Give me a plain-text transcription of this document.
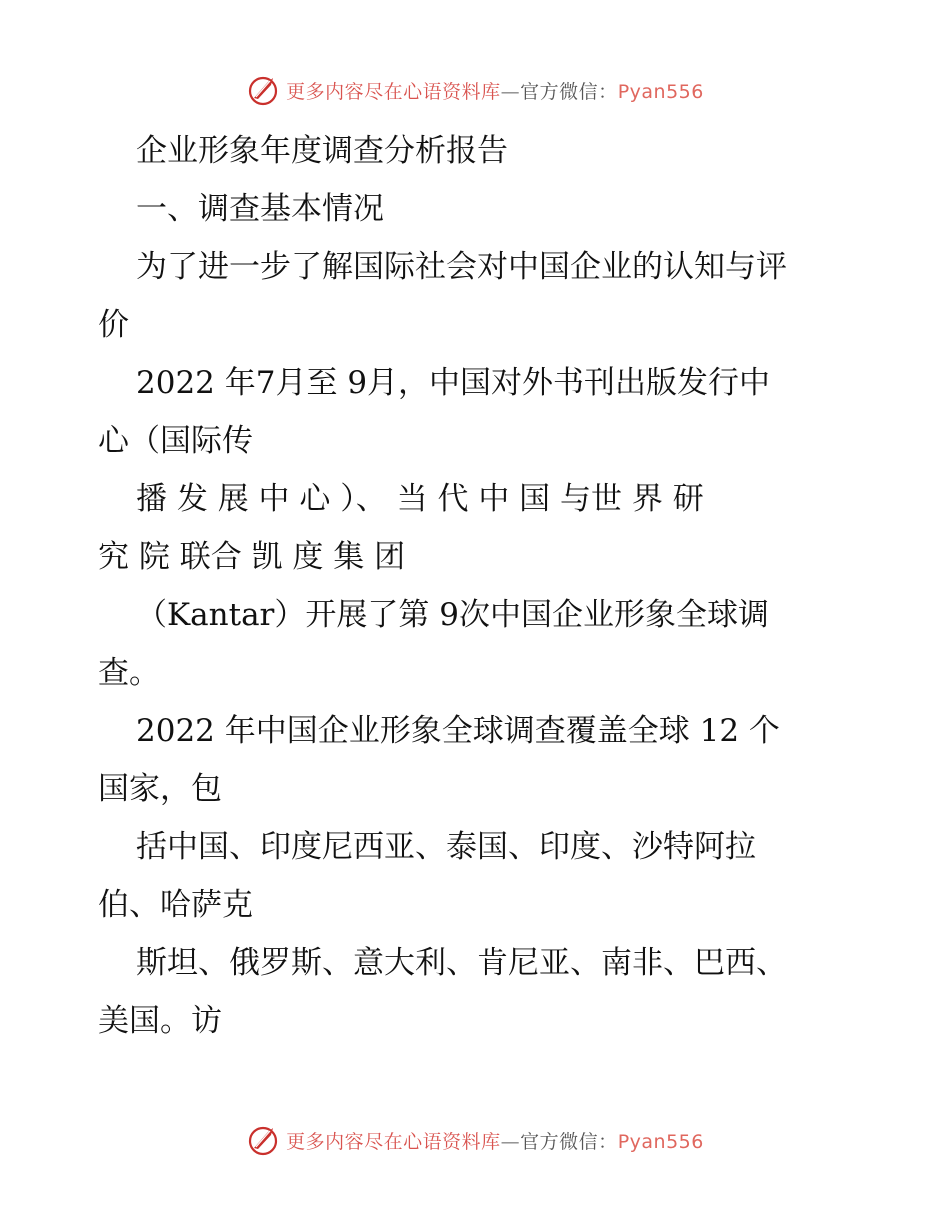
更多内容尽在心语资料库—官方微信：Pyan556
企业形象年度调查分析报告
一、调查基本情况
为了进一步了解国际社会对中国企业的认知与评
价
2022 年7月至 9月，中国对外书刊出版发行中
心（国际传
播 发 展 中 心 ）、 当 代 中 国 与世 界 研
究 院 联合 凯 度 集 团
（Kantar）开展了第 9次中国企业形象全球调
查。
2022 年中国企业形象全球调查覆盖全球 12 个
国家，包
括中国、印度尼西亚、泰国、印度、沙特阿拉
伯、哈萨克
斯坦、俄罗斯、意大利、肯尼亚、南非、巴西、
美国。访
更多内容尽在心语资料库—官方微信：Pyan556
